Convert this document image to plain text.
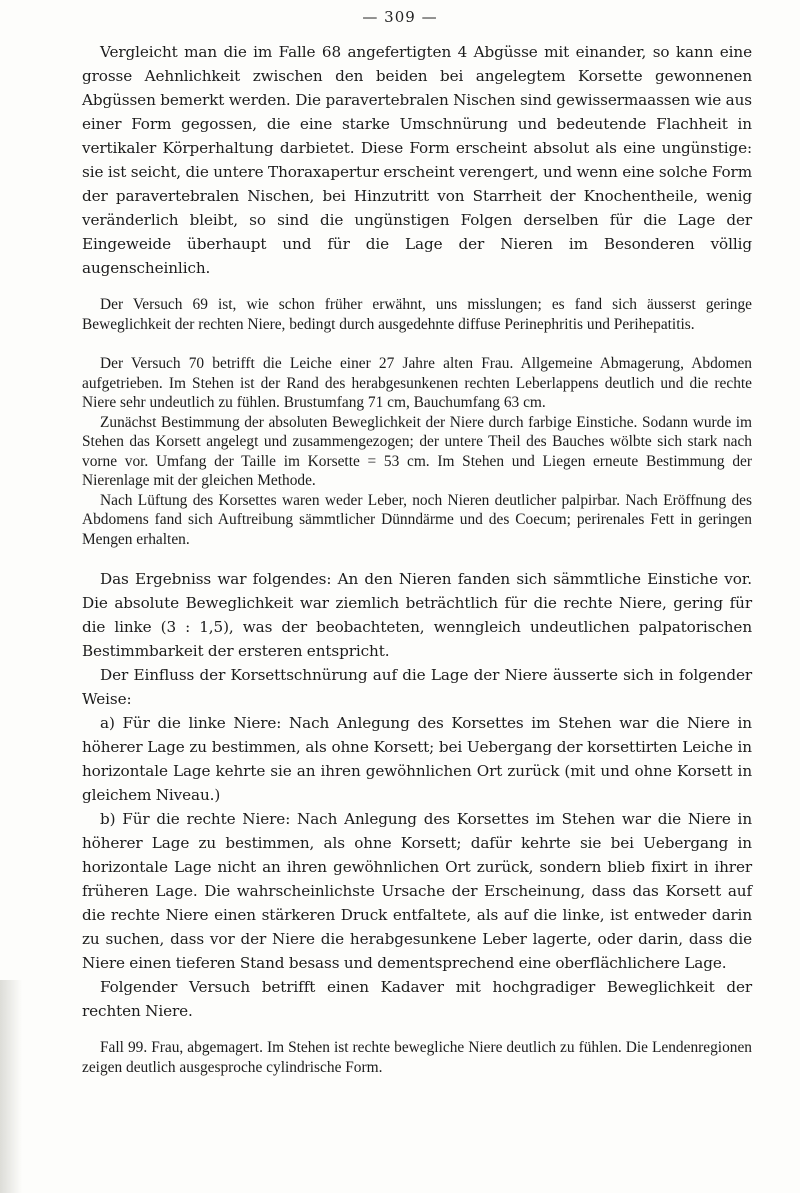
— 309 —

Vergleicht man die im Falle 68 angefertigten 4 Abgüsse mit einander, so kann eine grosse Aehnlichkeit zwischen den beiden bei angelegtem Korsette gewonnenen Abgüssen bemerkt werden. Die paravertebralen Nischen sind gewissermaassen wie aus einer Form gegossen, die eine starke Umschnürung und bedeutende Flachheit in vertikaler Körperhaltung darbietet. Diese Form erscheint absolut als eine ungünstige: sie ist seicht, die untere Thoraxapertur erscheint verengert, und wenn eine solche Form der paravertebralen Nischen, bei Hinzutritt von Starrheit der Knochentheile, wenig veränderlich bleibt, so sind die ungünstigen Folgen derselben für die Lage der Eingeweide überhaupt und für die Lage der Nieren im Besonderen völlig augenscheinlich.

Der Versuch 69 ist, wie schon früher erwähnt, uns misslungen; es fand sich äusserst geringe Beweglichkeit der rechten Niere, bedingt durch ausgedehnte diffuse Perinephritis und Perihepatitis.

Der Versuch 70 betrifft die Leiche einer 27 Jahre alten Frau. Allgemeine Abmagerung, Abdomen aufgetrieben. Im Stehen ist der Rand des herabgesunkenen rechten Leberlappens deutlich und die rechte Niere sehr undeutlich zu fühlen. Brustumfang 71 cm, Bauchumfang 63 cm.

Zunächst Bestimmung der absoluten Beweglichkeit der Niere durch farbige Einstiche. Sodann wurde im Stehen das Korsett angelegt und zusammengezogen; der untere Theil des Bauches wölbte sich stark nach vorne vor. Umfang der Taille im Korsette = 53 cm. Im Stehen und Liegen erneute Bestimmung der Nierenlage mit der gleichen Methode.

Nach Lüftung des Korsettes waren weder Leber, noch Nieren deutlicher palpirbar. Nach Eröffnung des Abdomens fand sich Auftreibung sämmtlicher Dünndärme und des Coecum; perirenales Fett in geringen Mengen erhalten.

Das Ergebniss war folgendes: An den Nieren fanden sich sämmtliche Einstiche vor. Die absolute Beweglichkeit war ziemlich beträchtlich für die rechte Niere, gering für die linke (3 : 1,5), was der beobachteten, wenngleich undeutlichen palpatorischen Bestimmbarkeit der ersteren entspricht.

Der Einfluss der Korsettschnürung auf die Lage der Niere äusserte sich in folgender Weise:

a) Für die linke Niere: Nach Anlegung des Korsettes im Stehen war die Niere in höherer Lage zu bestimmen, als ohne Korsett; bei Uebergang der korsettirten Leiche in horizontale Lage kehrte sie an ihren gewöhnlichen Ort zurück (mit und ohne Korsett in gleichem Niveau.)

b) Für die rechte Niere: Nach Anlegung des Korsettes im Stehen war die Niere in höherer Lage zu bestimmen, als ohne Korsett; dafür kehrte sie bei Uebergang in horizontale Lage nicht an ihren gewöhnlichen Ort zurück, sondern blieb fixirt in ihrer früheren Lage. Die wahrscheinlichste Ursache der Erscheinung, dass das Korsett auf die rechte Niere einen stärkeren Druck entfaltete, als auf die linke, ist entweder darin zu suchen, dass vor der Niere die herabgesunkene Leber lagerte, oder darin, dass die Niere einen tieferen Stand besass und dementsprechend eine oberflächlichere Lage.

Folgender Versuch betrifft einen Kadaver mit hochgradiger Beweglichkeit der rechten Niere.

Fall 99. Frau, abgemagert. Im Stehen ist rechte bewegliche Niere deutlich zu fühlen. Die Lendenregionen zeigen deutlich ausgesproche cylindrische Form.
